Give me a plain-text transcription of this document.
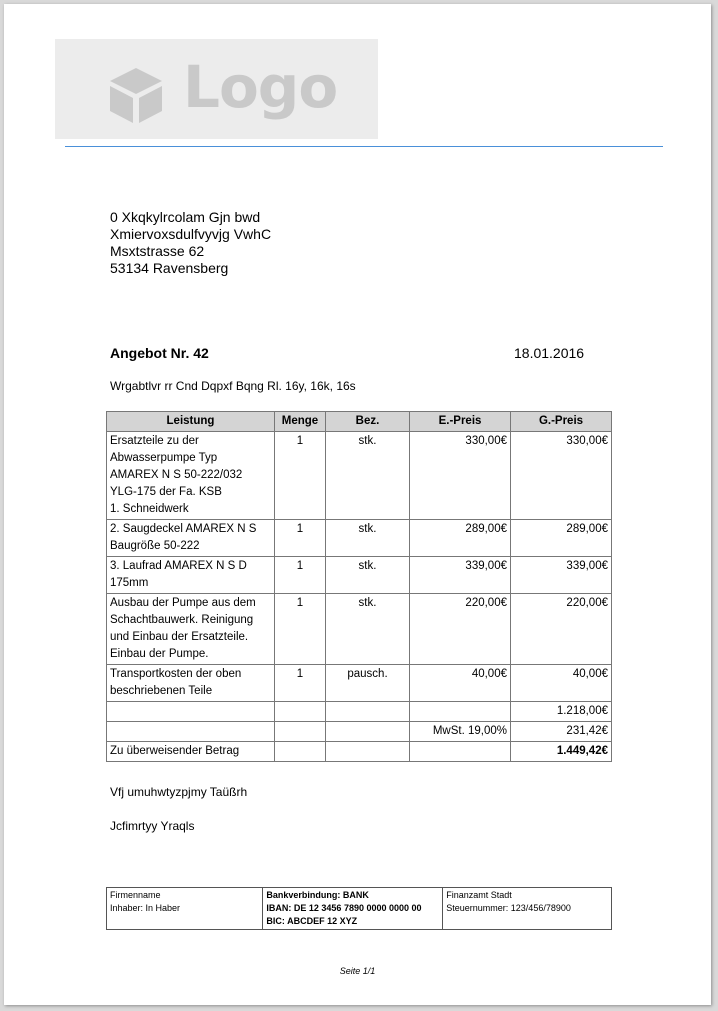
Logo
0 Xkqkylrcolam Gjn bwd
Xmiervoxsdulfvyvjg VwhC
Msxtstrasse 62
53134 Ravensberg
Angebot Nr. 42	18.01.2016
Wrgabtlvr rr Cnd Dqpxf Bqng Rl. 16y, 16k, 16s
Leistung	Menge	Bez.	E.-Preis	G.-Preis

Ersatzteile zu der
Abwasserpumpe Typ
AMAREX N S 50-222/032
YLG-175 der Fa. KSB
1. Schneidwerk	1	stk.	330,00€	330,00€

2. Saugdeckel AMAREX N S
Baugröße 50-222	1	stk.	289,00€	289,00€

3. Laufrad AMAREX N S D
175mm	1	stk.	339,00€	339,00€

Ausbau der Pumpe aus dem
Schachtbauwerk. Reinigung
und Einbau der Ersatzteile.
Einbau der Pumpe.	1	stk.	220,00€	220,00€

Transportkosten der oben
beschriebenen Teile	1	pausch.	40,00€	40,00€
				1.218,00€
			MwSt. 19,00%	231,42€
Zu überweisender Betrag				1.449,42€
Vfj umuhwtyzpjmy Taüßrh
Jcfimrtyy Yraqls
Firmenname
Inhaber: In Haber

Bankverbindung: BANK
IBAN: DE 12 3456 7890 0000 0000 00
BIC: ABCDEF 12 XYZ

Finanzamt Stadt
Steuernummer: 123/456/78900
Seite 1/1
